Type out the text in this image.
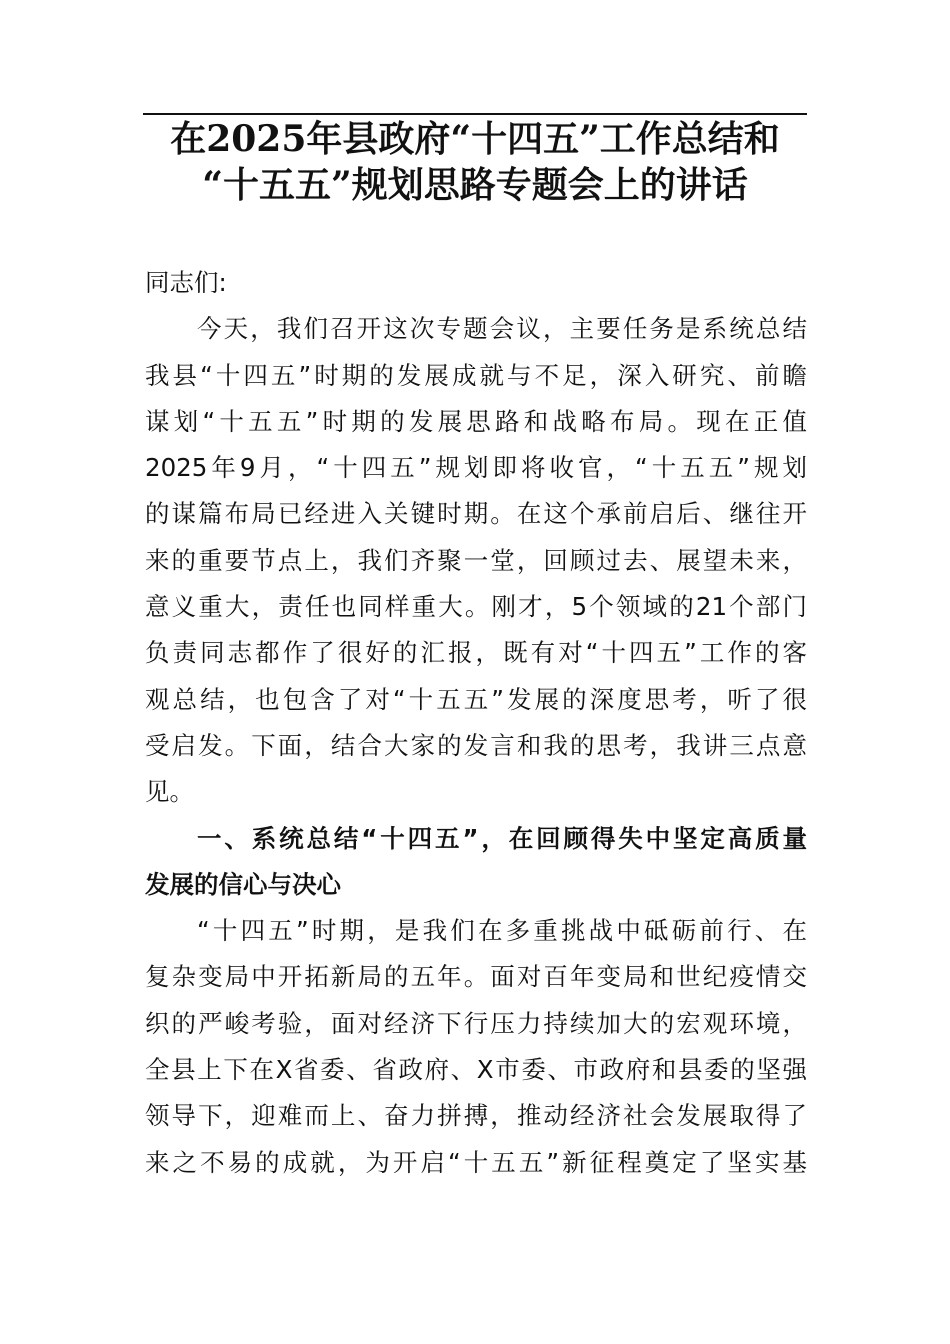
在2025年县政府“十四五”工作总结和
“十五五”规划思路专题会上的讲话
同志们:
今天，我们召开这次专题会议，主要任务是系统总结
我县“十四五”时期的发展成就与不足，深入研究、前瞻
谋划“十五五”时期的发展思路和战略布局。现在正值
2025年9月，“十四五”规划即将收官，“十五五”规划
的谋篇布局已经进入关键时期。在这个承前启后、继往开
来的重要节点上，我们齐聚一堂，回顾过去、展望未来，
意义重大，责任也同样重大。刚才，5个领域的21个部门
负责同志都作了很好的汇报，既有对“十四五”工作的客
观总结，也包含了对“十五五”发展的深度思考，听了很
受启发。下面，结合大家的发言和我的思考，我讲三点意
见。
一、系统总结“十四五”，在回顾得失中坚定高质量
发展的信心与决心
“十四五”时期，是我们在多重挑战中砥砺前行、在
复杂变局中开拓新局的五年。面对百年变局和世纪疫情交
织的严峻考验，面对经济下行压力持续加大的宏观环境，
全县上下在X省委、省政府、X市委、市政府和县委的坚强
领导下，迎难而上、奋力拼搏，推动经济社会发展取得了
来之不易的成就，为开启“十五五”新征程奠定了坚实基
